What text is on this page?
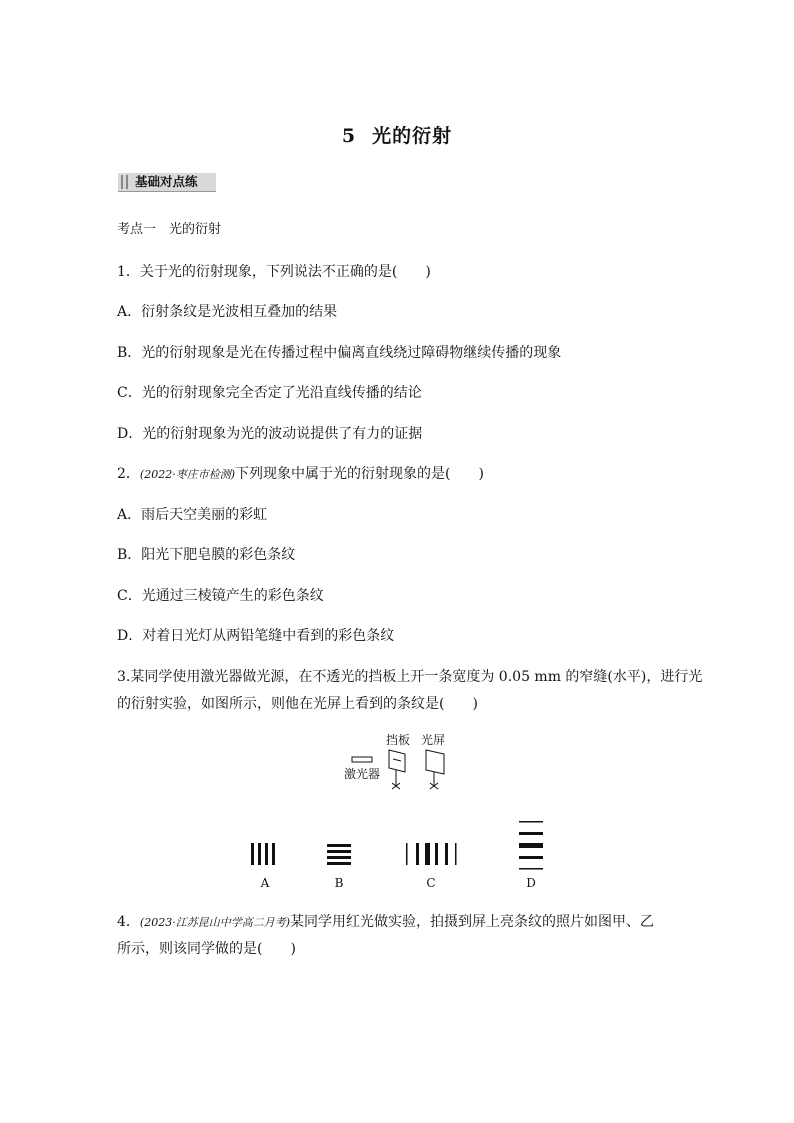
5 光的衍射
基础对点练
考点一　 光的衍射
1．关于光的衍射现象，下列说法不正确的是(　　)
A．衍射条纹是光波相互叠加的结果
B．光的衍射现象是光在传播过程中偏离直线绕过障碍物继续传播的现象
C．光的衍射现象完全否定了光沿直线传播的结论
D．光的衍射现象为光的波动说提供了有力的证据
2．(2022·枣庄市检测)下列现象中属于光的衍射现象的是(　　)
A．雨后天空美丽的彩虹
B．阳光下肥皂膜的彩色条纹
C．光通过三棱镜产生的彩色条纹
D．对着日光灯从两铅笔缝中看到的彩色条纹
3.某同学使用激光器做光源，在不透光的挡板上开一条宽度为 0.05 mm 的窄缝(水平)，进行光
的衍射实验，如图所示，则他在光屏上看到的条纹是(　　)
激光器
挡板 光屏
A	B	C	D
4．(2023·江苏昆山中学高二月考)某同学用红光做实验，拍摄到屏上亮条纹的照片如图甲、乙
所示，则该同学做的是(　　)
